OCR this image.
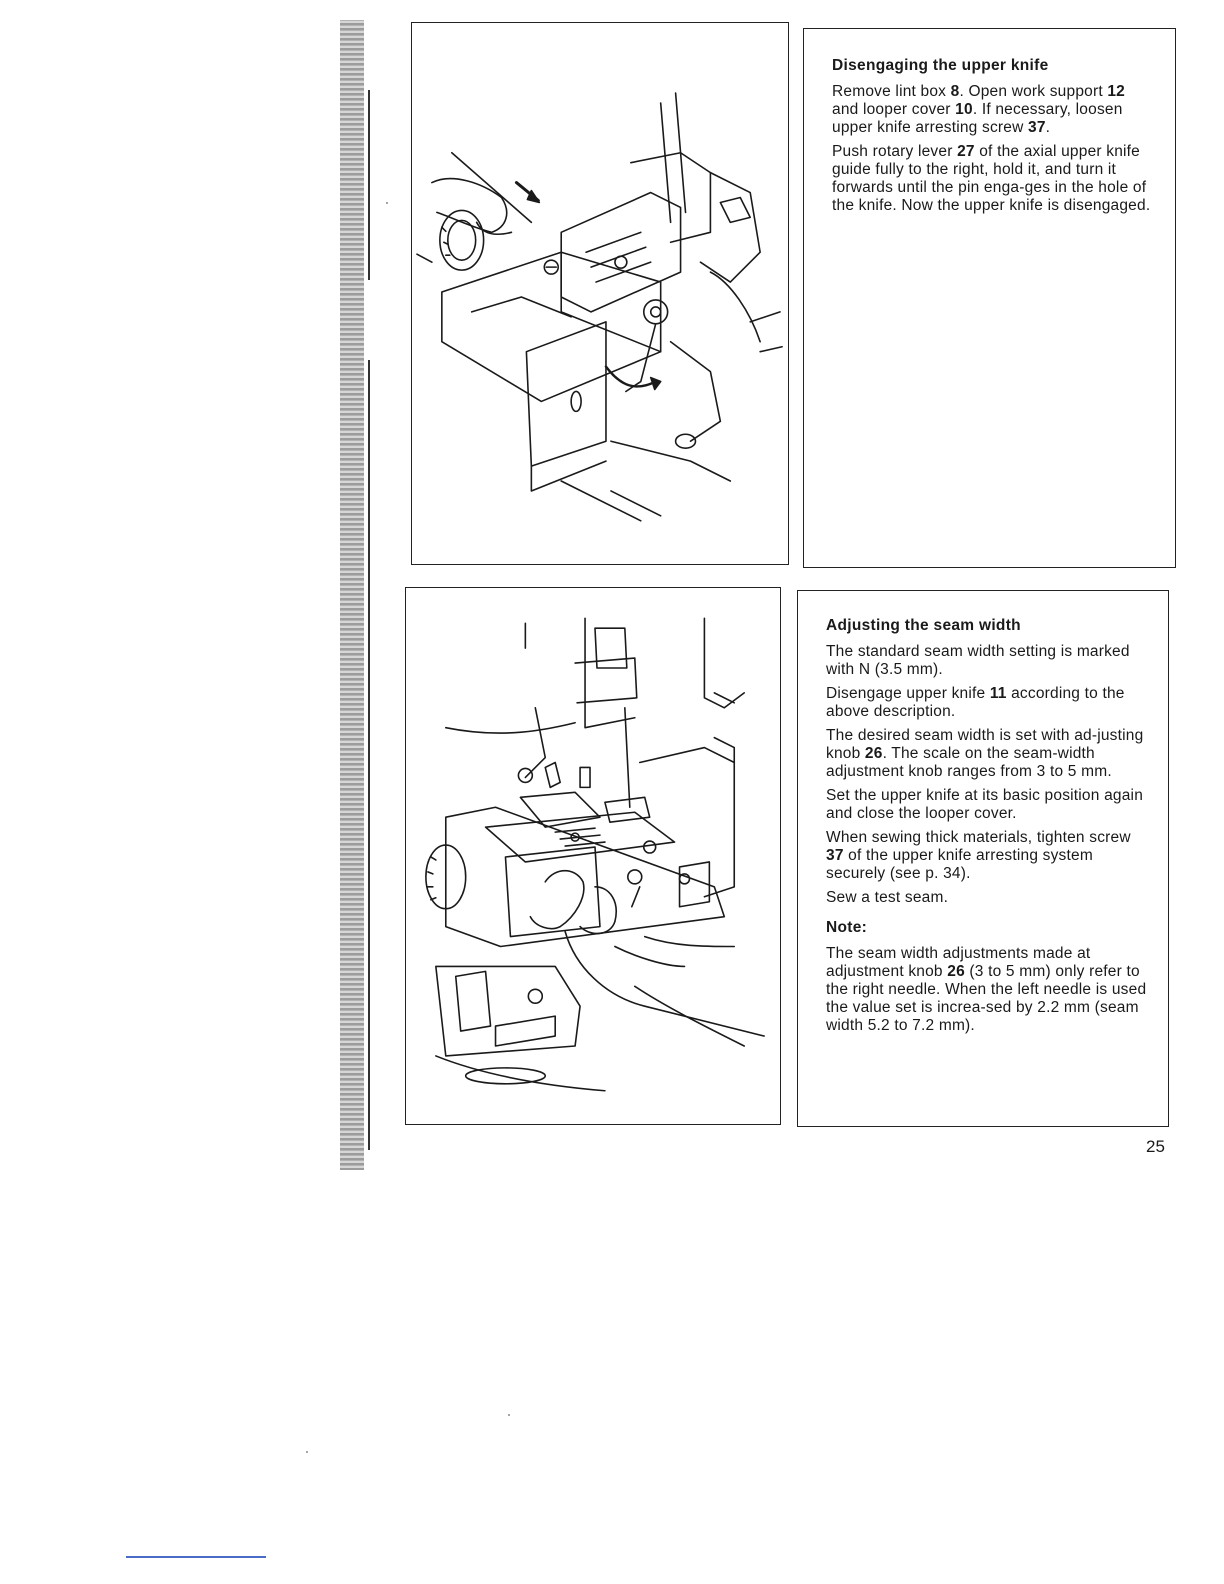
Disengaging the upper knife

Remove lint box 8. Open work support 12 and looper cover 10. If necessary, loosen upper knife arresting screw 37.

Push rotary lever 27 of the axial upper knife guide fully to the right, hold it, and turn it forwards until the pin enga-ges in the hole of the knife. Now the upper knife is disengaged.

Adjusting the seam width

The standard seam width setting is marked with N (3.5 mm).

Disengage upper knife 11 according to the above description.

The desired seam width is set with ad-justing knob 26. The scale on the seam-width adjustment knob ranges from 3 to 5 mm.

Set the upper knife at its basic position again and close the looper cover.

When sewing thick materials, tighten screw 37 of the upper knife arresting system securely (see p. 34).

Sew a test seam.

Note:

The seam width adjustments made at adjustment knob 26 (3 to 5 mm) only refer to the right needle. When the left needle is used the value set is increa-sed by 2.2 mm (seam width 5.2 to 7.2 mm).

25
